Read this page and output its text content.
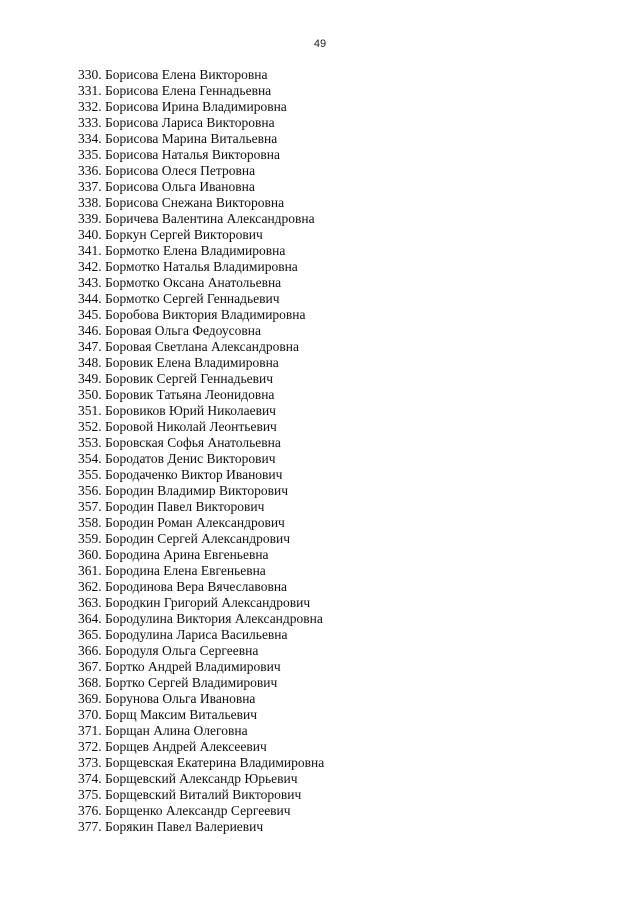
49
330 . Борисова Елена Викторовна
331 . Борисова Елена Геннадьевна
332 . Борисова Ирина Владимировна
333 . Борисова Лариса Викторовна
334 . Борисова Марина Витальевна
335 . Борисова Наталья Викторовна
336 . Борисова Олеся Петровна
337 . Борисова Ольга Ивановна
338 . Борисова Снежана Викторовна
339 . Боричева Валентина Александровна
340 . Боркун Сергей Викторович
341 . Бормотко Елена Владимировна
342 . Бормотко Наталья Владимировна
343 . Бормотко Оксана Анатольевна
344 . Бормотко Сергей Геннадьевич
345 . Боробова Виктория Владимировна
346 . Боровая Ольга Федоусовна
347 . Боровая Светлана Александровна
348 . Боровик Елена Владимировна
349 . Боровик Сергей Геннадьевич
350 . Боровик Татьяна Леонидовна
351 . Боровиков Юрий Николаевич
352 . Боровой Николай Леонтьевич
353 . Боровская Софья Анатольевна
354 . Бородатов Денис Викторович
355 . Бородаченко Виктор Иванович
356 . Бородин Владимир Викторович
357 . Бородин Павел Викторович
358 . Бородин Роман Александрович
359 . Бородин Сергей Александрович
360 . Бородина Арина Евгеньевна
361 . Бородина Елена Евгеньевна
362 . Бородинова Вера Вячеславовна
363 . Бородкин Григорий Александрович
364 . Бородулина Виктория Александровна
365 . Бородулина Лариса Васильевна
366 . Бородуля Ольга Сергеевна
367 . Бортко Андрей Владимирович
368 . Бортко Сергей Владимирович
369 . Борунова Ольга Ивановна
370 . Борщ Максим Витальевич
371 . Борщан Алина Олеговна
372 . Борщев Андрей Алексеевич
373 . Борщевская Екатерина Владимировна
374 . Борщевский Александр Юрьевич
375 . Борщевский Виталий Викторович
376 . Борщенко Александр Сергеевич
377 . Борякин Павел Валериевич
